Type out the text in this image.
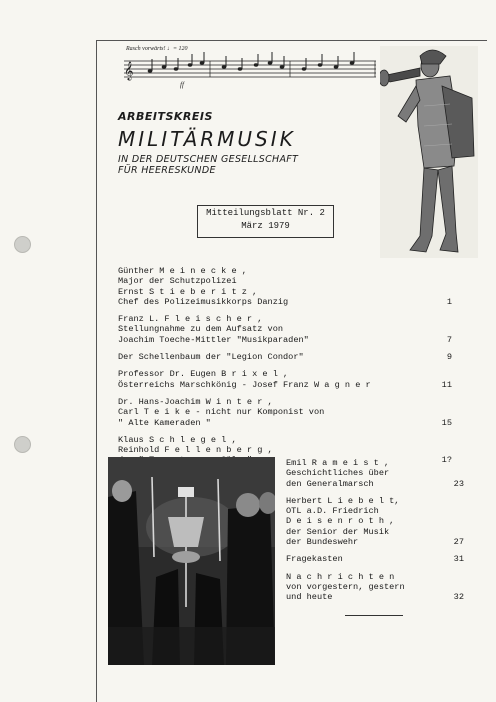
Rasch vorwärts! ♩= 120
𝄞
ff
ARBEITSKREIS
MILITÄRMUSIK
IN DER DEUTSCHEN GESELLSCHAFT
FÜR HEERESKUNDE
Mitteilungsblatt Nr. 2
März 1979
Günther M e i n e c k e ,
Major der Schutzpolizei
Ernst S t i e b e r i t z ,
Chef des Polizeimusikkorps Danzig	1
Franz L. F l e i s c h e r ,
Stellungnahme zu dem Aufsatz von
Joachim Toeche-Mittler "Musikparaden"	7
Der Schellenbaum der "Legion Condor"	9
Professor Dr. Eugen B r i x e l ,
Österreichs Marschkönig - Josef Franz W a g n e r	11
Dr. Hans-Joachim W i n t e r ,
Carl T e i k e - nicht nur Komponist von
" Alte Kameraden "	15
Klaus S c h l e g e l ,
Reinhold F e l l e n b e r g ,
1?
Emil R a m e i s t ,
Geschichtliches über
den Generalmarsch	23
Herbert L i e b e l t,
OTL a.D. Friedrich
D e i s e n r o t h ,
der Senior der Musik
der Bundeswehr	27
Fragekasten	31
N a c h r i c h t e n
von vorgestern, gestern
und heute	32
